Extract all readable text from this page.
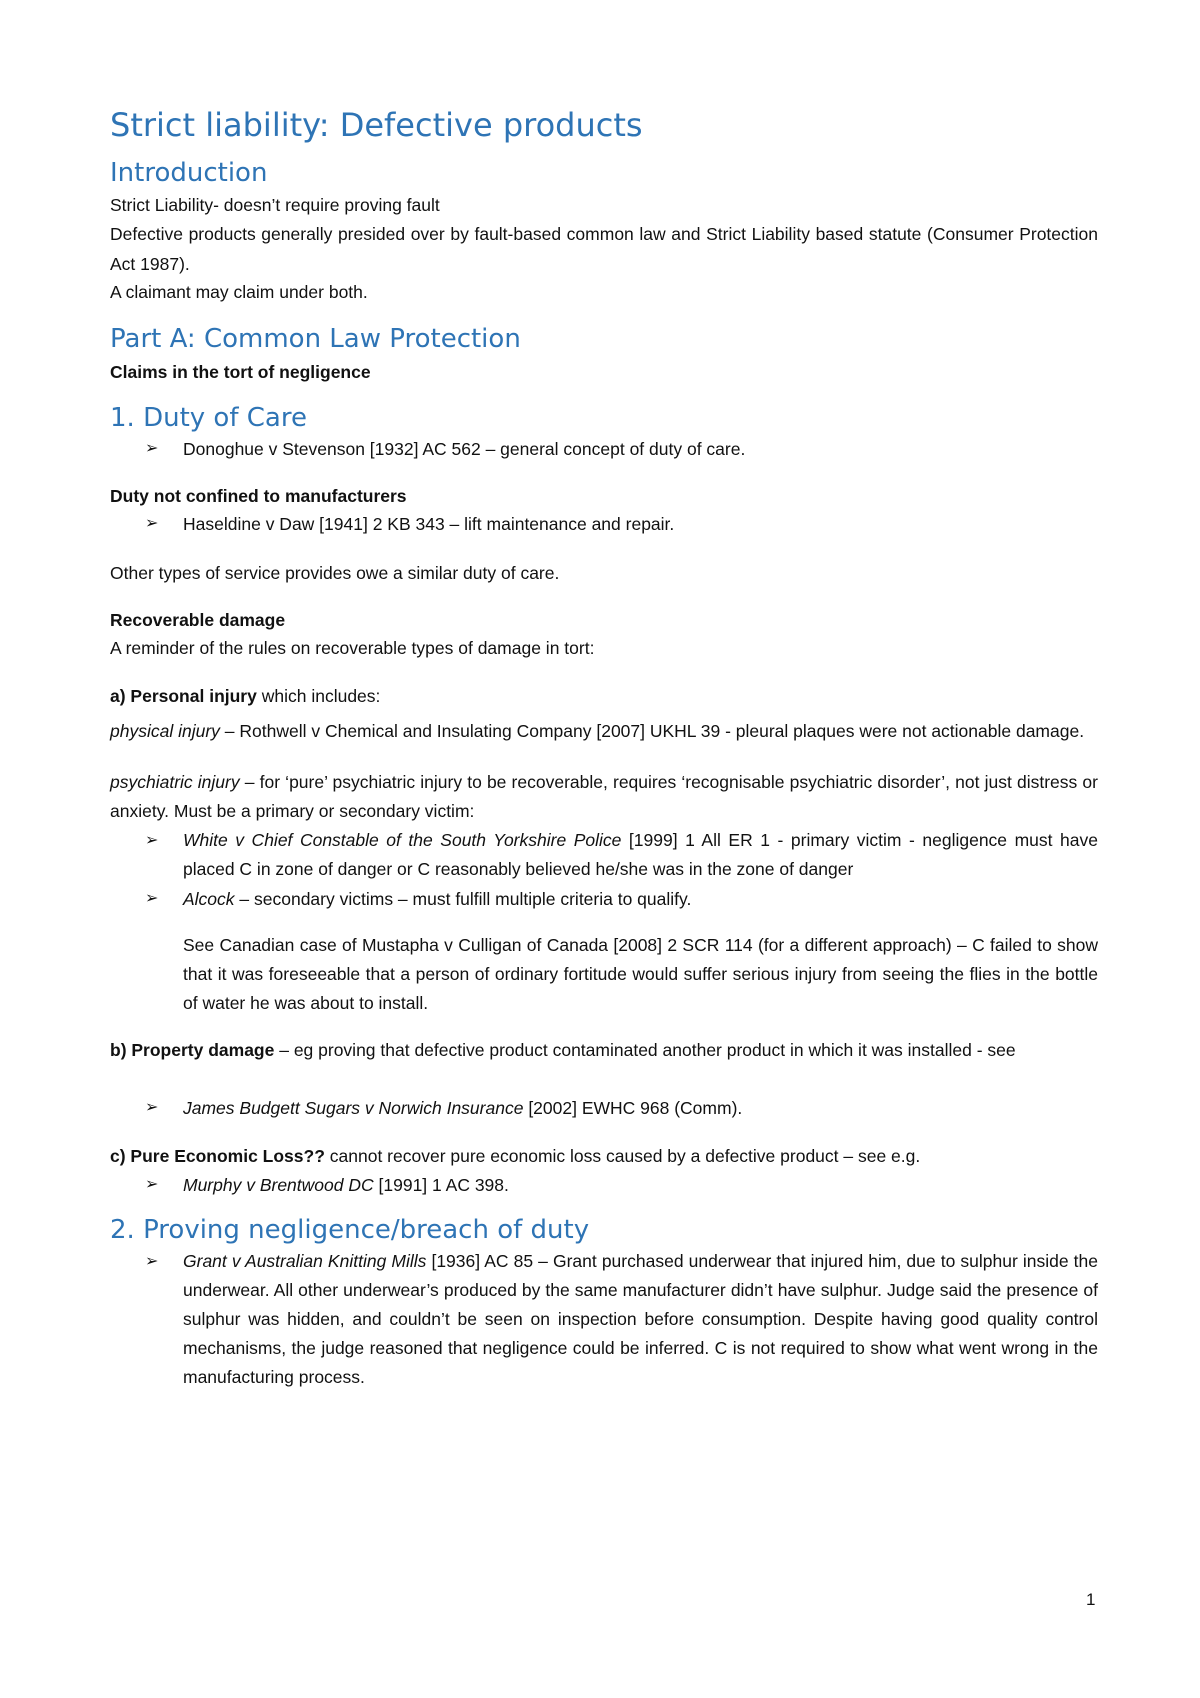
Strict liability: Defective products
Introduction

Strict Liability- doesn’t require proving fault

Defective products generally presided over by fault-based common law and Strict Liability based statute (Consumer Protection Act 1987).

A claimant may claim under both.

Part A: Common Law Protection

Claims in the tort of negligence

1. Duty of Care
➢	Donoghue v Stevenson [1932] AC 562 – general concept of duty of care.

Duty not confined to manufacturers

➢	Haseldine v Daw [1941] 2 KB 343 – lift maintenance and repair.

Other types of service provides owe a similar duty of care.

Recoverable damage

A reminder of the rules on recoverable types of damage in tort:

a) Personal injury which includes:

physical injury – Rothwell v Chemical and Insulating Company [2007] UKHL 39 - pleural plaques were not actionable damage.

psychiatric injury – for ‘pure’ psychiatric injury to be recoverable, requires ‘recognisable psychiatric disorder’, not just distress or anxiety. Must be a primary or secondary victim:

➢	White v Chief Constable of the South Yorkshire Police [1999] 1 All ER 1 - primary victim - negligence must have placed C in zone of danger or C reasonably believed he/she was in the zone of danger
➢	Alcock – secondary victims – must fulfill multiple criteria to qualify.

See Canadian case of Mustapha v Culligan of Canada [2008] 2 SCR 114 (for a different approach) – C failed to show that it was foreseeable that a person of ordinary fortitude would suffer serious injury from seeing the flies in the bottle of water he was about to install.

b) Property damage – eg proving that defective product contaminated another product in which it was installed - see

➢	James Budgett Sugars v Norwich Insurance [2002] EWHC 968 (Comm).

c) Pure Economic Loss?? cannot recover pure economic loss caused by a defective product – see e.g.

➢	Murphy v Brentwood DC [1991] 1 AC 398.
2. Proving negligence/breach of duty
➢	Grant v Australian Knitting Mills [1936] AC 85 – Grant purchased underwear that injured him, due to sulphur inside the underwear. All other underwear’s produced by the same manufacturer didn’t have sulphur. Judge said the presence of sulphur was hidden, and couldn’t be seen on inspection before consumption. Despite having good quality control mechanisms, the judge reasoned that negligence could be inferred. C is not required to show what went wrong in the manufacturing process.
1
